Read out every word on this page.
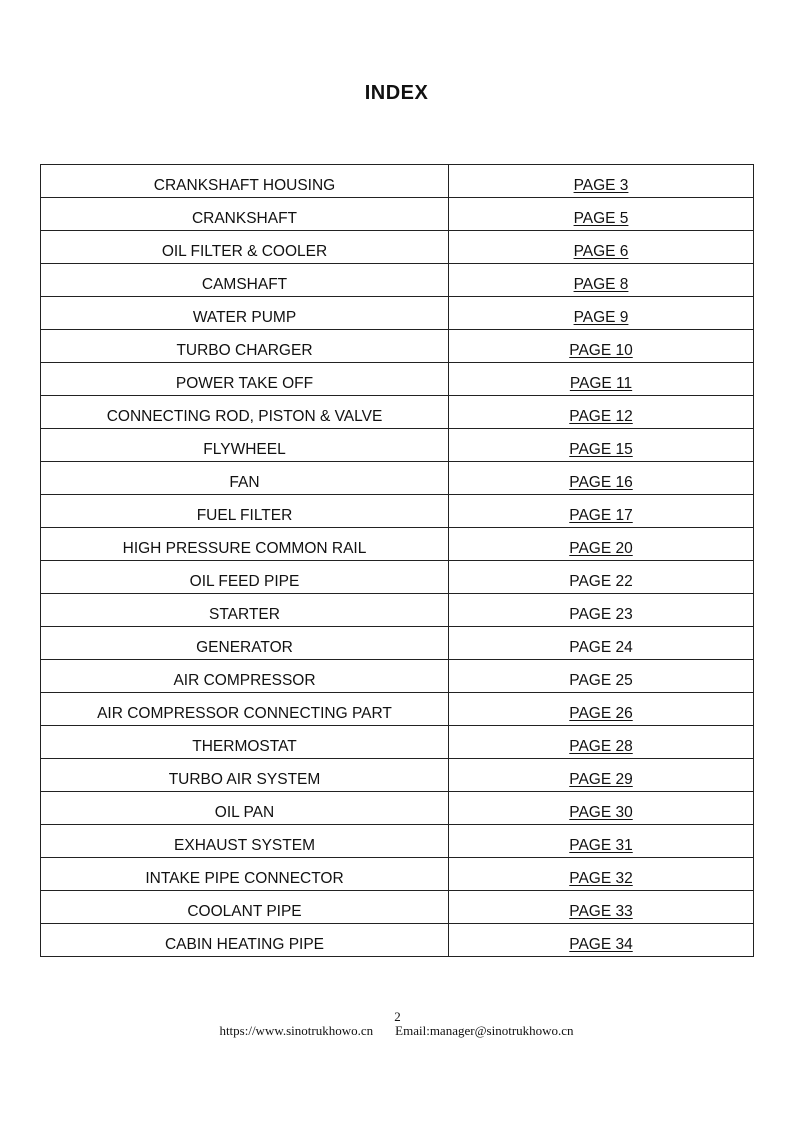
INDEX
CRANKSHAFT HOUSING	PAGE 3
CRANKSHAFT	PAGE 5
OIL FILTER & COOLER	PAGE 6
CAMSHAFT	PAGE 8
WATER PUMP	PAGE 9
TURBO CHARGER	PAGE 10
POWER TAKE OFF	PAGE 11
CONNECTING ROD, PISTON & VALVE	PAGE 12
FLYWHEEL	PAGE 15
FAN	PAGE 16
FUEL FILTER	PAGE 17
HIGH PRESSURE COMMON RAIL	PAGE 20
OIL FEED PIPE	PAGE 22
STARTER	PAGE 23
GENERATOR	PAGE 24
AIR COMPRESSOR	PAGE 25
AIR COMPRESSOR CONNECTING PART	PAGE 26
THERMOSTAT	PAGE 28
TURBO AIR SYSTEM	PAGE 29
OIL PAN	PAGE 30
EXHAUST SYSTEM	PAGE 31
INTAKE PIPE CONNECTOR	PAGE 32
COOLANT PIPE	PAGE 33
CABIN HEATING PIPE	PAGE 34
2
https://www.sinotrukhowo.cn Email:manager@sinotrukhowo.cn
